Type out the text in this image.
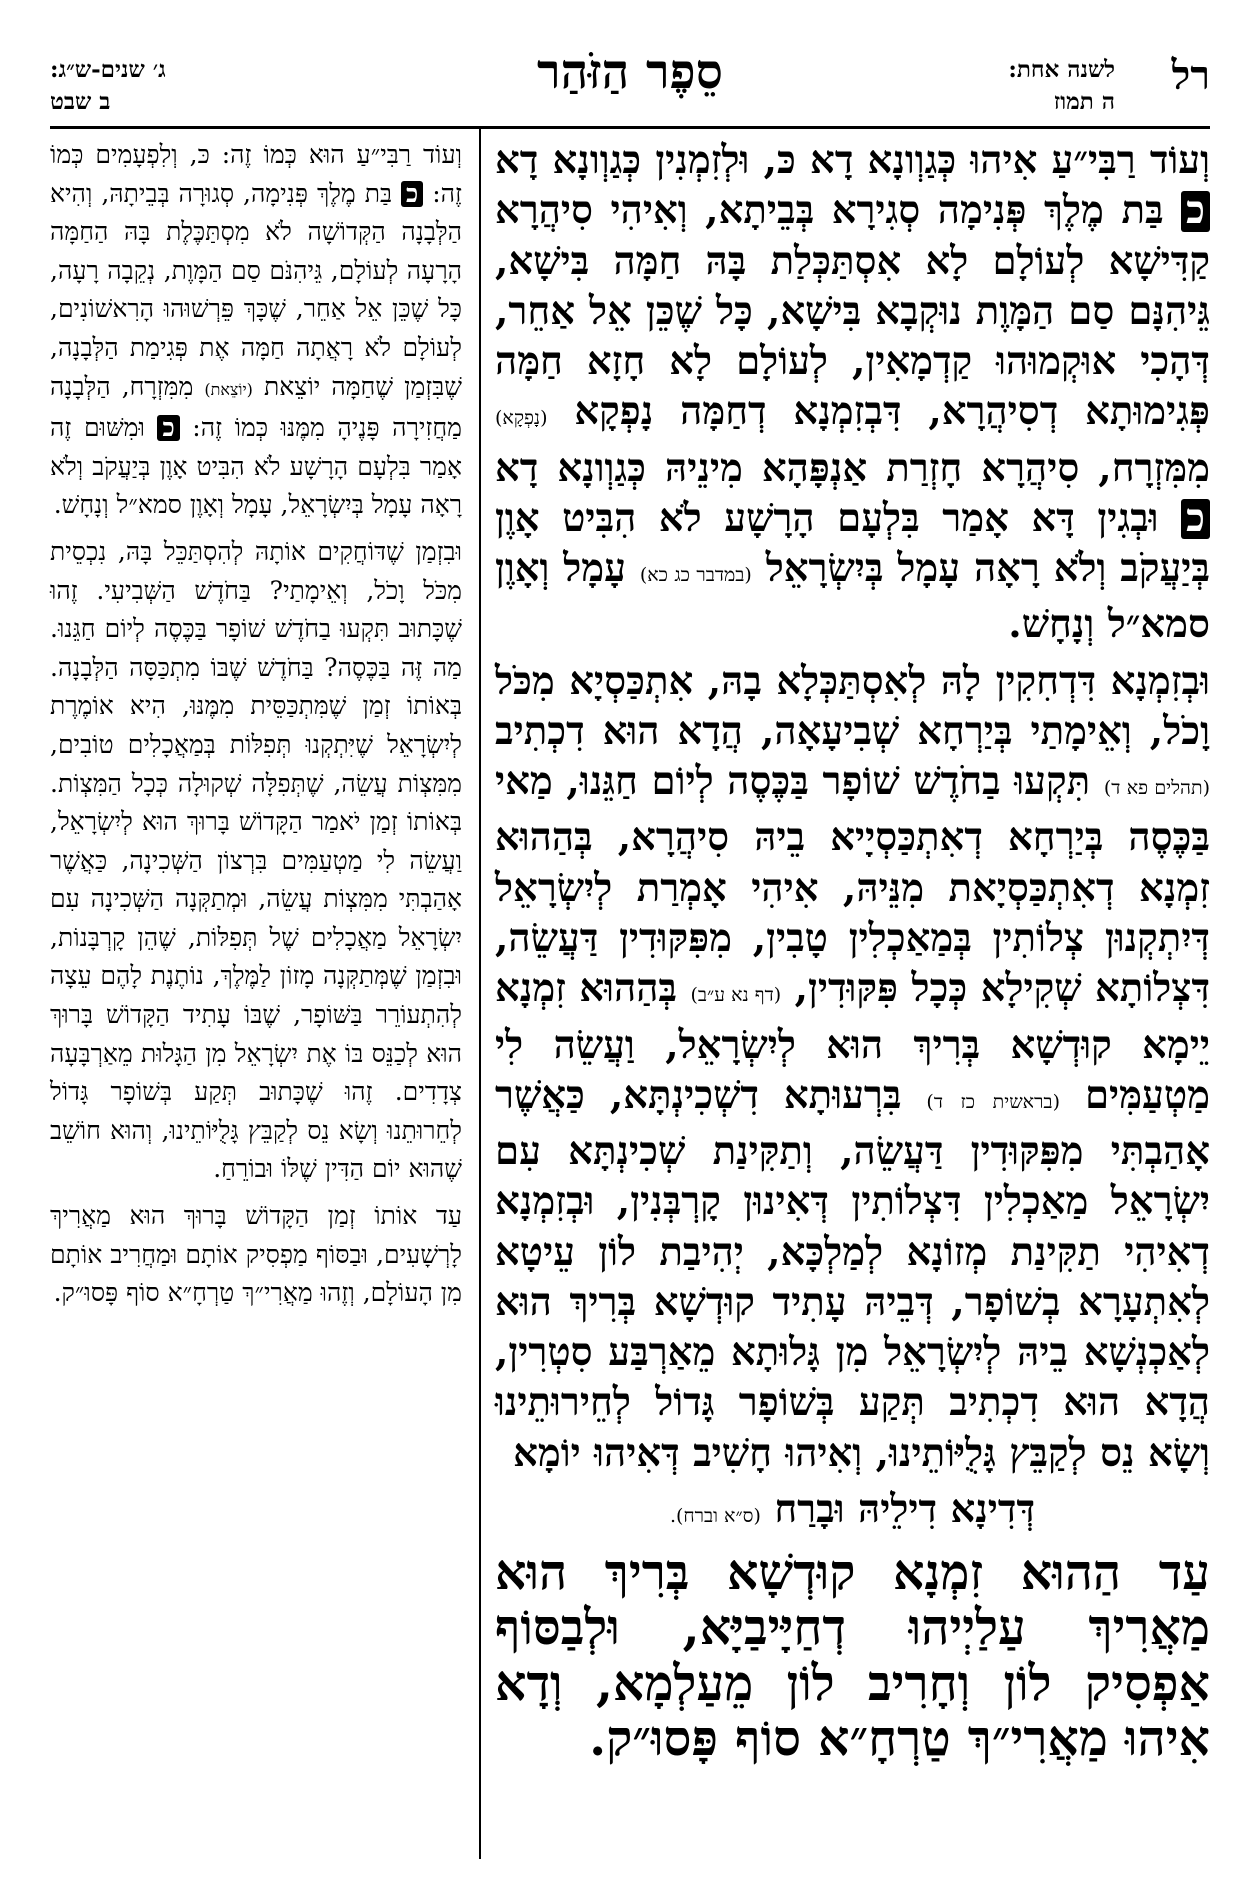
רל
לשנה אחת:
ה תמוז
סֵפֶר הַזֹּהַר
ג׳ שנים-ש״ג:
ב שבט

וְעוֹד רַבִּי״עַ אִיהוּ כְּגַוְונָא דָא כּ, וּלְזִמְנִין כְּגַוְונָא דָא כ בַּת מֶלֶךְ פְּנִימָה סְגִירָא בְּבֵיתָא, וְאִיהִי סִיהֲרָא קַדִּישָׁא לְעוֹלָם לָא אִסְתַּכְּלַת בָּהּ חַמָּה בִּישָׁא, גֵּיהִנָּם סַם הַמָּוֶת נוּקְבָא בִּישָׁא, כָּל שֶׁכֵּן אֵל אַחֵר, דְּהָכִי אוּקְמוּהוּ קַדְמָאִין, לְעוֹלָם לָא חָזָא חַמָּה פְּגִימוּתָא דְסִיהֲרָא, דִּבְזִמְנָא דְחַמָּה נָפְקָא (נָפְקָא) מִמִּזְרָח, סִיהֲרָא חָזְרַת אַנְפָּהָא מִינֵיהּ כְּגַוְונָא דָא כ וּבְגִין דָּא אָמַר בִּלְעָם הָרָשָׁע לֹא הִבִּיט אָוֶן בְּיַעֲקֹב וְלֹא רָאָה עָמָל בְּיִשְׂרָאֵל (במדבר כג כא) עָמָל וְאָוֶן סמא״ל וְנָחָשׁ.

וּבְזִמְנָא דִּדְחִקִין לָהּ לְאִסְתַּכְּלָא בָהּ, אִתְכַּסְיָא מִכֹּל וָכֹל, וְאֵימָתַי בְּיַרְחָא שְׁבִיעָאָה, הֲדָא הוּא דִכְתִיב (תהלים פא ד) תִּקְעוּ בַחֹדֶשׁ שׁוֹפָר בַּכֶּסֶה לְיוֹם חַגֵּנוּ, מַאי בַּכֶּסֶה בְּיַרְחָא דְאִתְכַּסְיָיא בֵיהּ סִיהֲרָא, בְּהַהוּא זִמְנָא דְאִתְכַּסְיָאת מִנֵּיהּ, אִיהִי אָמְרַת לְיִשְׂרָאֵל דְּיִתְקְנוּן צְלוֹתִין בְּמַאַכְלִין טָבִין, מִפִּקּוּדִין דַּעֲשֵׂה, דִּצְלוֹתָא שְׁקִילָא כְּכָל פִּקּוּדִין, (דף נא ע״ב) בְּהַהוּא זִמְנָא יֵימָא קוּדְשָׁא בְּרִיךְ הוּא לְיִשְׂרָאֵל, וַעֲשֵׂה לִי מַטְעַמִּים (בראשית כז ד) בִּרְעוּתָא דִשְׁכִינְתָּא, כַּאֲשֶׁר אָהַבְתִּי מִפִּקּוּדִין דַּעֲשֵׂה, וְתַקִּינַת שְׁכִינְתָּא עִם יִשְׂרָאֵל מַאַכְלִין דִּצְלוֹתִין דְּאִינוּן קָרְבְּנִין, וּבְזִמְנָא דְאִיהִי תַקִּינַת מְזוֹנָא לְמַלְכָּא, יְהִיבַת לוֹן עֵיטָא לְאִתְעָרָא בְשׁוֹפָר, דְּבֵיהּ עָתִיד קוּדְשָׁא בְּרִיךְ הוּא לְאַכְנְשָׁא בֵיהּ לְיִשְׂרָאֵל מִן גָּלוּתָא מֵאַרְבַּע סִטְרִין, הֲדָא הוּא דִכְתִיב תְּקַע בְּשׁוֹפָר גָּדוֹל לְחֵירוּתֵינוּ וְשָׂא נֵס לְקַבֵּץ גָּלֻיּוֹתֵינוּ, וְאִיהוּ חָשִׁיב דְּאִיהוּ יוֹמָא

דְּדִינָא דִילֵיהּ וּבָרַח (ס״א וברח).

עַד הַהוּא זִמְנָא קוּדְשָׁא בְּרִיךְ הוּא מַאֲרִיךְ עַלַיְיהוּ דְחַיָּיבַיָּא, וּלְבַסּוֹף אַפְסִיק לוֹן וְחָרִיב לוֹן מֵעַלְמָא, וְדָא אִיהוּ מַאֲרִי״ךְ טַרְחָ״א סוֹף פָּסוּ״ק.

וְעוֹד רַבִּי״עַ הוּא כְּמוֹ זֶה: כּ, וְלִפְעָמִים כְּמוֹ זֶה: כ בַּת מֶלֶךְ פְּנִימָה, סְגוּרָה בְּבֵיתָהּ, וְהִיא הַלְּבָנָה הַקְּדוֹשָׁה לֹא מִסְתַּכֶּלֶת בָּהּ הַחַמָּה הָרָעָה לְעוֹלָם, גֵּיהִנֹּם סַם הַמָּוֶת, נְקֵבָה רָעָה, כָּל שֶׁכֵּן אֵל אַחֵר, שֶׁכָּךְ פֵּרְשׁוּהוּ הָרִאשׁוֹנִים, לְעוֹלָם לֹא רָאֲתָה חַמָּה אֶת פְּגִימַת הַלְּבָנָה, שֶׁבִּזְמַן שֶׁחַמָּה יוֹצֵאת (יוֹצֵאת) מִמִּזְרָח, הַלְּבָנָה מַחֲזִירָה פָּנֶיהָ מִמֶּנּוּ כְּמוֹ זֶה: כ וּמִשּׁוּם זֶה אָמַר בִּלְעָם הָרָשָׁע לֹא הִבִּיט אָוֶן בְּיַעֲקֹב וְלֹא רָאָה עָמָל בְּיִשְׂרָאֵל, עָמָל וְאָוֶן סמא״ל וְנָחָשׁ.

וּבִזְמַן שֶׁדּוֹחֲקִים אוֹתָהּ לְהִסְתַּכֵּל בָּהּ, נִכְסֵית מִכֹּל וָכֹל, וְאֵימָתַי? בַּחֹדֶשׁ הַשְּׁבִיעִי. זֶהוּ שֶׁכָּתוּב תִּקְעוּ בַחֹדֶשׁ שׁוֹפָר בַּכֶּסֶה לְיוֹם חַגֵּנוּ. מַה זֶּה בַּכֶּסֶה? בַּחֹדֶשׁ שֶׁבּוֹ מִתְכַּסָּה הַלְּבָנָה. בְּאוֹתוֹ זְמַן שֶׁמִּתְכַּסֵּית מִמֶּנּוּ, הִיא אוֹמֶרֶת לְיִשְׂרָאֵל שֶׁיִּתְקְנוּ תְּפִלּוֹת בְּמַאֲכָלִים טוֹבִים, מִמִּצְוֹת עֲשֵׂה, שֶׁתְּפִלָּה שְׁקוּלָה כְּכָל הַמִּצְוֹת. בְּאוֹתוֹ זְמַן יֹאמַר הַקָּדוֹשׁ בָּרוּךְ הוּא לְיִשְׂרָאֵל, וַעֲשֵׂה לִי מַטְעַמִּים בִּרְצוֹן הַשְּׁכִינָה, כַּאֲשֶׁר אָהַבְתִּי מִמִּצְוֹת עֲשֵׂה, וּמְתַקְּנָה הַשְּׁכִינָה עִם יִשְׂרָאֵל מַאֲכָלִים שֶׁל תְּפִלּוֹת, שֶׁהֵן קָרְבָּנוֹת, וּבִזְמַן שֶׁמְּתַקְּנָה מָזוֹן לַמֶּלֶךְ, נוֹתֶנֶת לָהֶם עֵצָה לְהִתְעוֹרֵר בַּשּׁוֹפָר, שֶׁבּוֹ עָתִיד הַקָּדוֹשׁ בָּרוּךְ הוּא לְכַנֵּס בּוֹ אֶת יִשְׂרָאֵל מִן הַגָּלוּת מֵאַרְבָּעָה צְדָדִים. זֶהוּ שֶׁכָּתוּב תְּקַע בְּשׁוֹפָר גָּדוֹל לְחֵרוּתֵנוּ וְשָׂא נֵס לְקַבֵּץ גָּלֻיּוֹתֵינוּ, וְהוּא חוֹשֵׁב שֶׁהוּא יוֹם הַדִּין שֶׁלּוֹ וּבוֹרֵחַ.

עַד אוֹתוֹ זְמַן הַקָּדוֹשׁ בָּרוּךְ הוּא מַאֲרִיךְ לָרְשָׁעִים, וּבַסּוֹף מַפְסִיק אוֹתָם וּמַחֲרִיב אוֹתָם מִן הָעוֹלָם, וְזֶהוּ מַאֲרִי״ךְ טַרְחָ״א סוֹף פָּסוּ״ק.
